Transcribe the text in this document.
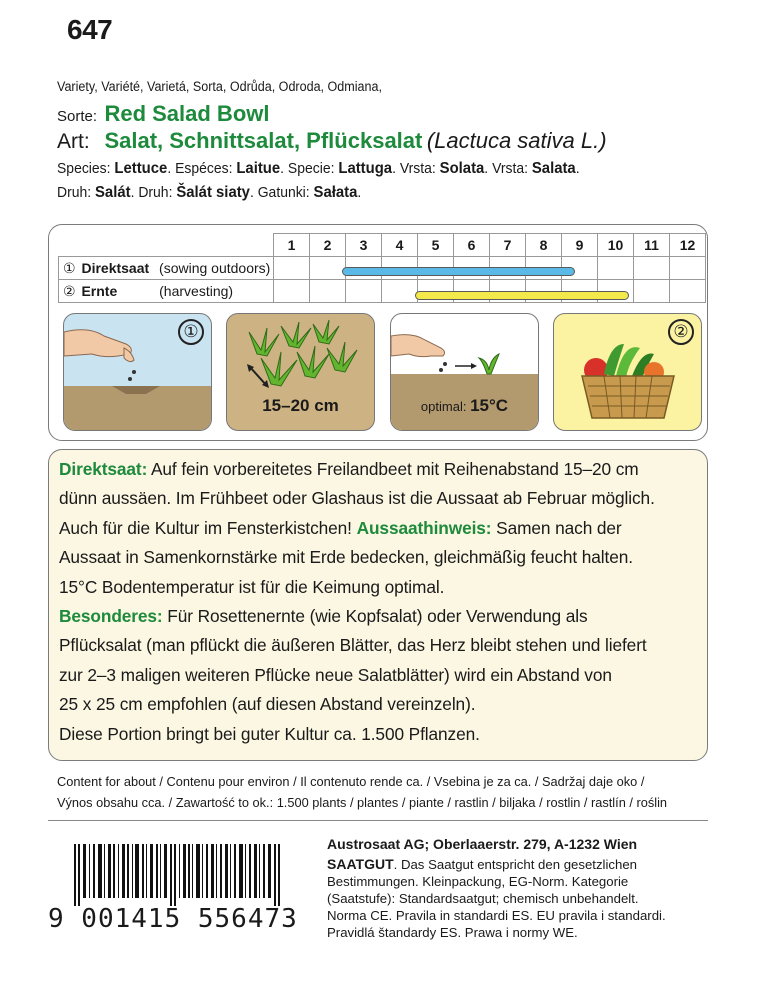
647
Variety, Variété, Varietá, Sorta, Odrůda, Odroda, Odmiana,
Sorte: Red Salad Bowl
Art: Salat, Schnittsalat, Pflücksalat (Lactuca sativa L.)
Species: Lettuce. Espéces: Laitue. Specie: Lattuga. Vrsta: Solata. Vrsta: Salata.
Druh: Salát. Druh: Šalát siaty. Gatunki: Sałata.
	1	2	3	4	5	6	7	8	9	10	11	12
① Direktsaat (sowing outdoors)												
② Ernte (harvesting)												
①
15–20 cm	optimal: 15°C
②

Direktsaat: Auf fein vorbereitetes Freilandbeet mit Reihenabstand 15–20 cm

dünn aussäen. Im Frühbeet oder Glashaus ist die Aussaat ab Februar möglich.

Auch für die Kultur im Fensterkistchen! Aussaathinweis: Samen nach der

Aussaat in Samenkornstärke mit Erde bedecken, gleichmäßig feucht halten.

15°C Bodentemperatur ist für die Keimung optimal.

Besonderes: Für Rosettenernte (wie Kopfsalat) oder Verwendung als

Pflücksalat (man pflückt die äußeren Blätter, das Herz bleibt stehen und liefert

zur 2–3 maligen weiteren Pflücke neue Salatblätter) wird ein Abstand von

25 x 25 cm empfohlen (auf diesen Abstand vereinzeln).

Diese Portion bringt bei guter Kultur ca. 1.500 Pflanzen.

Content for about / Contenu pour environ / Il contenuto rende ca. / Vsebina je za ca. / Sadržaj daje oko /
Výnos obsahu cca. / Zawartość to ok.: 1.500 plants / plantes / piante / rastlin / biljaka / rostlin / rastlín / roślin
9 001415 556473
Austrosaat AG; Oberlaaerstr. 279, A-1232 Wien
SAATGUT. Das Saatgut entspricht den gesetzlichen
Bestimmungen. Kleinpackung, EG-Norm. Kategorie
(Saatstufe): Standardsaatgut; chemisch unbehandelt.
Norma CE. Pravila in standardi ES. EU pravila i standardi.
Pravidlá štandardy ES. Prawa i normy WE.
